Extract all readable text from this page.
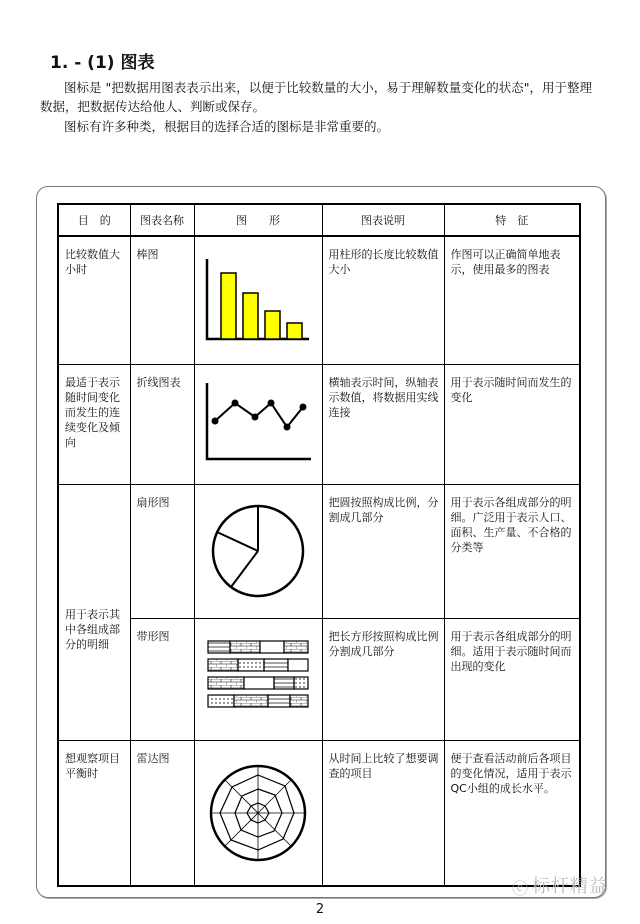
1. - (1) 图表
图标是 "把数据用图表表示出来，以便于比较数量的大小，易于理解数量变化的状态"，用于整理数据，把数据传达给他人、判断或保存。
图标有许多种类，根据目的选择合适的图标是非常重要的。
目　的	图表名称	图　　形	图表说明	特　征
比较数值大小时	棒图		用柱形的长度比较数值大小	作图可以正确简单地表示，使用最多的图表
最适于表示随时间变化而发生的连续变化及倾向	折线图表		横轴表示时间，纵轴表示数值，将数据用实线连接	用于表示随时间而发生的变化
用于表示其中各组成部分的明细	扇形图		把圆按照构成比例，分割成几部分	用于表示各组成部分的明细。广泛用于表示人口、面积、生产量、不合格的分类等
	带形图		把长方形按照构成比例分割成几部分	用于表示各组成部分的明细。适用于表示随时间而出现的变化
想观察项目平衡时	雷达图		从时间上比较了想要调查的项目	便于查看活动前后各项目的变化情况，适用于表示QC小组的成长水平。
ⓒ 标杆精益
2
